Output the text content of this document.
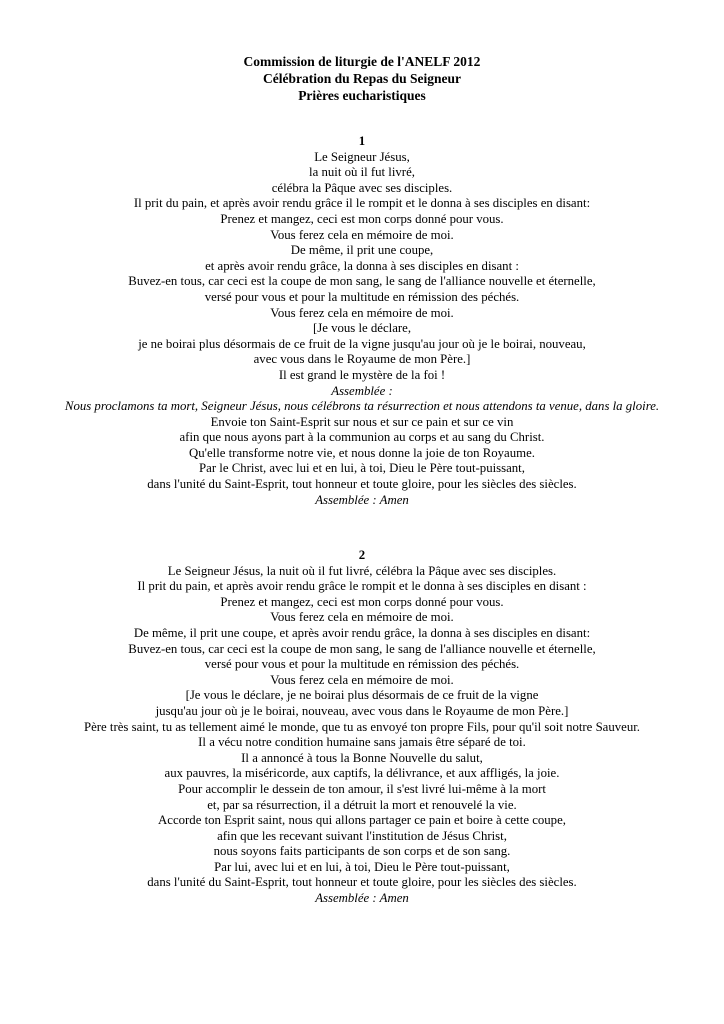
Commission de liturgie de l'ANELF 2012
Célébration du Repas du Seigneur
Prières eucharistiques
1
Le Seigneur Jésus,
la nuit où il fut livré,
célébra la Pâque avec ses disciples.
Il prit du pain, et après avoir rendu grâce il le rompit et le donna à ses disciples en disant:
Prenez et mangez, ceci est mon corps donné pour vous.
Vous ferez cela en mémoire de moi.
De même, il prit une coupe,
et après avoir rendu grâce, la donna à ses disciples en disant :
Buvez-en tous, car ceci est la coupe de mon sang, le sang de l'alliance nouvelle et éternelle,
versé pour vous et pour la multitude en rémission des péchés.
Vous ferez cela en mémoire de moi.
[Je vous le déclare,
je ne boirai plus désormais de ce fruit de la vigne jusqu'au jour où je le boirai, nouveau,
avec vous dans le Royaume de mon Père.]
Il est grand le mystère de la foi !
Assemblée :
Nous proclamons ta mort, Seigneur Jésus, nous célébrons ta résurrection et nous attendons ta venue, dans la gloire.
Envoie ton Saint-Esprit sur nous et sur ce pain et sur ce vin
afin que nous ayons part à la communion au corps et au sang du Christ.
Qu'elle transforme notre vie, et nous donne la joie de ton Royaume.
Par le Christ, avec lui et en lui, à toi, Dieu le Père tout-puissant,
dans l'unité du Saint-Esprit, tout honneur et toute gloire, pour les siècles des siècles.
Assemblée : Amen
2
Le Seigneur Jésus, la nuit où il fut livré, célébra la Pâque avec ses disciples.
Il prit du pain, et après avoir rendu grâce le rompit et le donna à ses disciples en disant :
Prenez et mangez, ceci est mon corps donné pour vous.
Vous ferez cela en mémoire de moi.
De même, il prit une coupe, et après avoir rendu grâce, la donna à ses disciples en disant:
Buvez-en tous, car ceci est la coupe de mon sang, le sang de l'alliance nouvelle et éternelle,
versé pour vous et pour la multitude en rémission des péchés.
Vous ferez cela en mémoire de moi.
[Je vous le déclare, je ne boirai plus désormais de ce fruit de la vigne
jusqu'au jour où je le boirai, nouveau, avec vous dans le Royaume de mon Père.]
Père très saint, tu as tellement aimé le monde, que tu as envoyé ton propre Fils, pour qu'il soit notre Sauveur.
Il a vécu notre condition humaine sans jamais être séparé de toi.
Il a annoncé à tous la Bonne Nouvelle du salut,
aux pauvres, la miséricorde, aux captifs, la délivrance, et aux affligés, la joie.
Pour accomplir le dessein de ton amour, il s'est livré lui-même à la mort
et, par sa résurrection, il a détruit la mort et renouvelé la vie.
Accorde ton Esprit saint, nous qui allons partager ce pain et boire à cette coupe,
afin que les recevant suivant l'institution de Jésus Christ,
nous soyons faits participants de son corps et de son sang.
Par lui, avec lui et en lui, à toi, Dieu le Père tout-puissant,
dans l'unité du Saint-Esprit, tout honneur et toute gloire, pour les siècles des siècles.
Assemblée : Amen
